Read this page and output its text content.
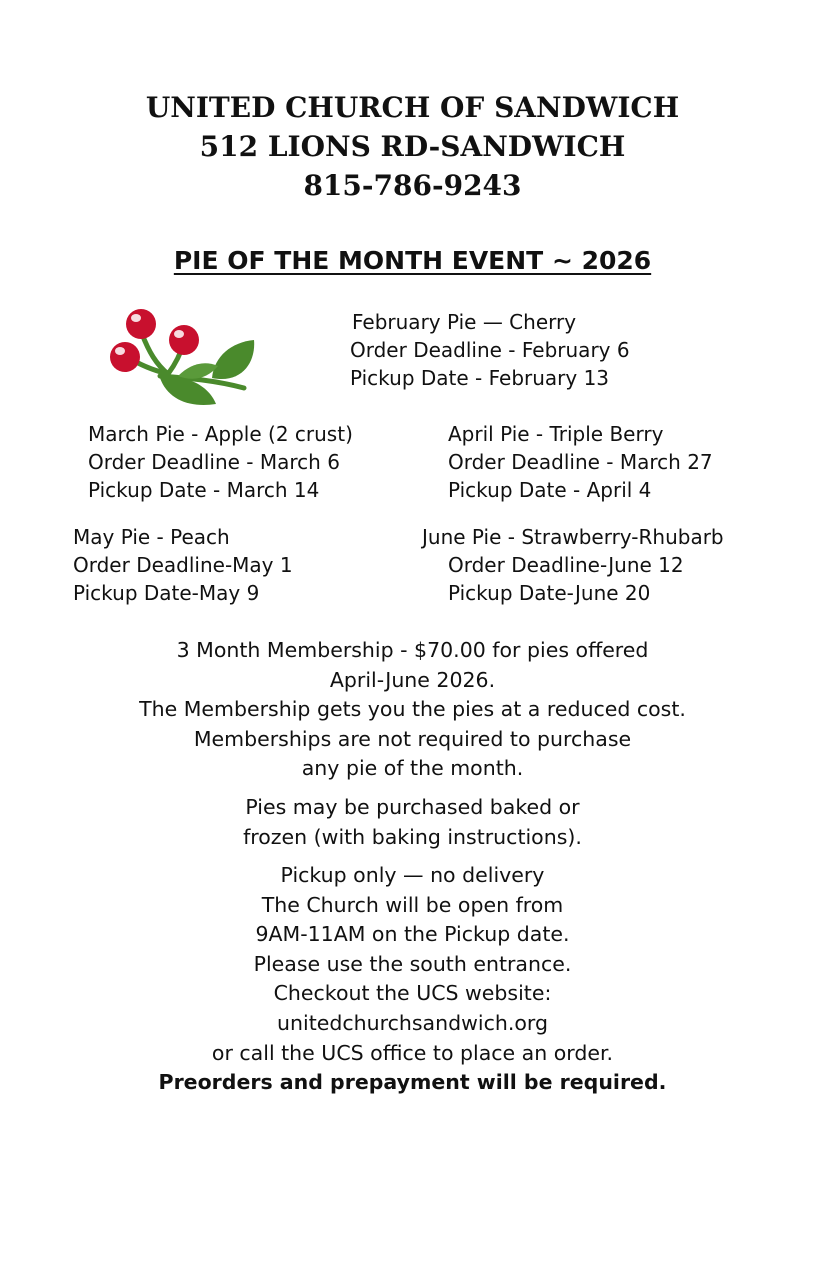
UNITED CHURCH OF SANDWICH
512 LIONS RD-SANDWICH
815-786-9243
PIE OF THE MONTH EVENT ~ 2026
February Pie — Cherry
Order Deadline - February 6
Pickup Date - February 13
March Pie - Apple (2 crust)
Order Deadline - March 6
Pickup Date - March 14
April Pie - Triple Berry
Order Deadline - March 27
Pickup Date - April 4
May Pie - Peach
Order Deadline-May 1
Pickup Date-May 9
June Pie - Strawberry-Rhubarb
Order Deadline-June 12
Pickup Date-June 20
3 Month Membership - $70.00 for pies offered
April-June 2026.
The Membership gets you the pies at a reduced cost.
Memberships are not required to purchase
any pie of the month.
Pies may be purchased baked or
frozen (with baking instructions).
Pickup only — no delivery
The Church will be open from
9AM-11AM on the Pickup date.
Please use the south entrance.
Checkout the UCS website:
unitedchurchsandwich.org
or call the UCS office to place an order.
Preorders and prepayment will be required.
